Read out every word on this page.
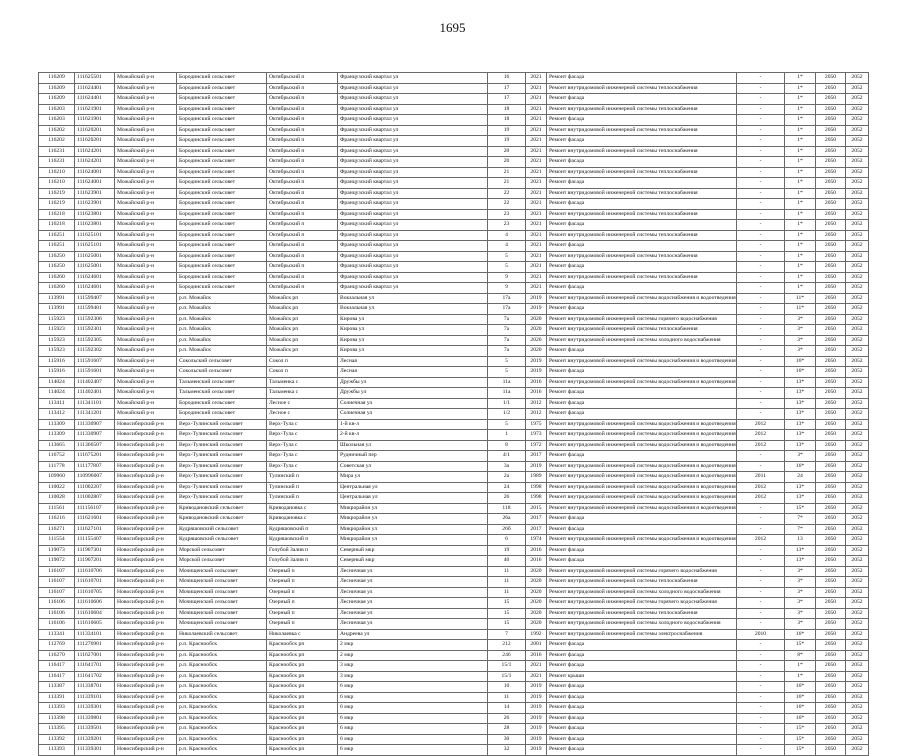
1695
116209	111625501	Можайский р-н	Бородинский сельсовет	Октябрьский п	Французский квартал ул	16	2021	Ремонт фасада	-	1*	2050	2052
116209	111624401	Можайский р-н	Бородинский сельсовет	Октябрьский п	Французский квартал ул	17	2021	Ремонт внутридомовой инженерной системы теплоснабжения	-	1*	2050	2052
116209	111624401	Можайский р-н	Бородинский сельсовет	Октябрьский п	Французский квартал ул	17	2021	Ремонт фасада	-	1*	2050	2052
116203	111621901	Можайский р-н	Бородинский сельсовет	Октябрьский п	Французский квартал ул	18	2021	Ремонт внутридомовой инженерной системы теплоснабжения	-	1*	2050	2052
116203	111621901	Можайский р-н	Бородинский сельсовет	Октябрьский п	Французский квартал ул	18	2021	Ремонт фасада	-	1*	2050	2052
116202	111620201	Можайский р-н	Бородинский сельсовет	Октябрьский п	Французский квартал ул	19	2021	Ремонт внутридомовой инженерной системы теплоснабжения	-	1*	2050	2052
116202	111620201	Можайский р-н	Бородинский сельсовет	Октябрьский п	Французский квартал ул	19	2021	Ремонт фасада	-	1*	2050	2052
116231	111624201	Можайский р-н	Бородинский сельсовет	Октябрьский п	Французский квартал ул	20	2021	Ремонт внутридомовой инженерной системы теплоснабжения	-	1*	2050	2052
116231	111624201	Можайский р-н	Бородинский сельсовет	Октябрьский п	Французский квартал ул	20	2021	Ремонт фасада	-	1*	2050	2052
116210	111624001	Можайский р-н	Бородинский сельсовет	Октябрьский п	Французский квартал ул	21	2021	Ремонт внутридомовой инженерной системы теплоснабжения	-	1*	2050	2052
116210	111624001	Можайский р-н	Бородинский сельсовет	Октябрьский п	Французский квартал ул	21	2021	Ремонт фасада	-	1*	2050	2052
116219	111623901	Можайский р-н	Бородинский сельсовет	Октябрьский п	Французский квартал ул	22	2021	Ремонт внутридомовой инженерной системы теплоснабжения	-	1*	2050	2052
116219	111623901	Можайский р-н	Бородинский сельсовет	Октябрьский п	Французский квартал ул	22	2021	Ремонт фасада	-	1*	2050	2052
116218	111623801	Можайский р-н	Бородинский сельсовет	Октябрьский п	Французский квартал ул	23	2021	Ремонт внутридомовой инженерной системы теплоснабжения	-	1*	2050	2052
116218	111623801	Можайский р-н	Бородинский сельсовет	Октябрьский п	Французский квартал ул	23	2021	Ремонт фасада	-	1*	2050	2052
116251	111625101	Можайский р-н	Бородинский сельсовет	Октябрьский п	Французский квартал ул	4	2021	Ремонт внутридомовой инженерной системы теплоснабжения	-	1*	2050	2052
116251	111625101	Можайский р-н	Бородинский сельсовет	Октябрьский п	Французский квартал ул	4	2021	Ремонт фасада	-	1*	2050	2052
116250	111625001	Можайский р-н	Бородинский сельсовет	Октябрьский п	Французский квартал ул	5	2021	Ремонт внутридомовой инженерной системы теплоснабжения	-	1*	2050	2052
116250	111625001	Можайский р-н	Бородинский сельсовет	Октябрьский п	Французский квартал ул	5	2021	Ремонт фасада	-	1*	2050	2052
116260	111624601	Можайский р-н	Бородинский сельсовет	Октябрьский п	Французский квартал ул	9	2021	Ремонт внутридомовой инженерной системы теплоснабжения	-	1*	2050	2052
116260	111624601	Можайский р-н	Бородинский сельсовет	Октябрьский п	Французский квартал ул	9	2021	Ремонт фасада	-	1*	2050	2052
113991	111599407	Можайский р-н	р.п. Можайск	Можайск рп	Вокзальная ул	17а	2019	Ремонт внутридомовой инженерной системы водоснабжения и водоотведения	-	11*	2050	2052
113991	111599401	Можайский р-н	р.п. Можайск	Можайск рп	Вокзальная ул	17а	2019	Ремонт фасада	-	11*	2050	2052
115923	111592306	Можайский р-н	р.п. Можайск	Можайск рп	Кирова ул	7а	2020	Ремонт внутридомовой инженерной системы горячего водоснабжения	-	3*	2050	2052
115923	111592301	Можайский р-н	р.п. Можайск	Можайск рп	Кирова ул	7а	2020	Ремонт внутридомовой инженерной системы теплоснабжения	-	3*	2050	2052
115923	111592305	Можайский р-н	р.п. Можайск	Можайск рп	Кирова ул	7а	2020	Ремонт внутридомовой инженерной системы холодного водоснабжения	-	3*	2050	2052
115923	111592302	Можайский р-н	р.п. Можайск	Можайск рп	Кирова ул	7а	2020	Ремонт фасада	-	3*	2050	2052
115916	111591607	Можайский р-н	Сокольский сельсовет	Сокол п	Лесная	5	2019	Ремонт внутридомовой инженерной системы водоснабжения и водоотведения	-	16*	2050	2052
115916	111591601	Можайский р-н	Сокольский сельсовет	Сокол п	Лесная	5	2019	Ремонт фасада	-	16*	2050	2052
114024	111402407	Можайский р-н	Тальменский сельсовет	Тальменка с	Дружбы ул	11а	2016	Ремонт внутридомовой инженерной системы водоснабжения и водоотведения	-	13*	2050	2052
114024	111402401	Можайский р-н	Тальменский сельсовет	Тальменка с	Дружбы ул	11а	2016	Ремонт фасада	-	13*	2050	2052
113411	111341101	Можайский р-н	Бородинский сельсовет	Лесное с	Солнечная ул	1/1	2012	Ремонт фасада	-	13*	2050	2052
113412	111341201	Можайский р-н	Бородинский сельсовет	Лесное с	Солнечная ул	1/2	2012	Ремонт фасада	-	13*	2050	2052
113309	111330907	Новосибирский р-н	Верх-Тулинский сельсовет	Верх-Тула с	1-й кв-л	5	1975	Ремонт внутридомовой инженерной системы водоснабжения и водоотведения	2012	13*	2050	2052
113309	111330907	Новосибирский р-н	Верх-Тулинский сельсовет	Верх-Тула с	2-й кв-л	1	1973	Ремонт внутридомовой инженерной системы водоснабжения и водоотведения	2012	13*	2050	2052
113665	111366507	Новосибирский р-н	Верх-Тулинский сельсовет	Верх-Тула с	Школьная ул	8	1972	Ремонт внутридомовой инженерной системы водоснабжения и водоотведения	2012	13*	2050	2052
116752	111675201	Новосибирский р-н	Верх-Тулинский сельсовет	Верх-Тула с	Рудничный пер	4/1	2017	Ремонт фасада	-	3*	2050	2052
111778	111177807	Новосибирский р-н	Верх-Тулинский сельсовет	Верх-Тула с	Советская ул	3а	2019	Ремонт внутридомовой инженерной системы водоснабжения и водоотведения	-	16*	2050	2052
109960	110996007	Новосибирский р-н	Верх-Тулинский сельсовет	Тулинский п	Мира ул	2а	1989	Ремонт внутридомовой инженерной системы водоснабжения и водоотведения	2011	24	2050	2052
110022	111002207	Новосибирский р-н	Верх-Тулинский сельсовет	Тулинский п	Центральная ул	24	1998	Ремонт внутридомовой инженерной системы водоснабжения и водоотведения	2012	13*	2050	2052
110028	111002807	Новосибирский р-н	Верх-Тулинский сельсовет	Тулинский п	Центральная ул	26	1998	Ремонт внутридомовой инженерной системы водоснабжения и водоотведения	2012	13*	2050	2052
111561	111156107	Новосибирский р-н	Криводановский сельсовет	Криводановка с	Микрорайон ул	118	2015	Ремонт внутридомовой инженерной системы водоснабжения и водоотведения	-	15*	2050	2052
116216	111621601	Новосибирский р-н	Криводановский сельсовет	Криводановка с	Микрорайон ул	26а	2017	Ремонт фасада	-	7*	2050	2052
116271	111627101	Новосибирский р-н	Кудряшовский сельсовет	Кудряшовский п	Микрорайон ул	26б	2017	Ремонт фасада	-	7*	2050	2052
111554	111155407	Новосибирский р-н	Кудряшовский сельсовет	Кудряшовский п	Микрорайон ул	6	1974	Ремонт внутридомовой инженерной системы водоснабжения и водоотведения	2012	13	2050	2052
119073	111907301	Новосибирский р-н	Морской сельсовет	Голубой Залив п	Северный мкр	19	2016	Ремонт фасада	-	13*	2050	2052
119072	111907201	Новосибирский р-н	Морской сельсовет	Голубой Залив п	Северный мкр	40	2016	Ремонт фасада	-	13*	2050	2052
116107	111610706	Новосибирский р-н	Мочищенский сельсовет	Озерный п	Лесничная ул	11	2020	Ремонт внутридомовой инженерной системы горячего водоснабжения	-	3*	2050	2052
116107	111610701	Новосибирский р-н	Мочищенский сельсовет	Озерный п	Лесничная ул	11	2020	Ремонт внутридомовой инженерной системы теплоснабжения	-	3*	2050	2052
116107	111610705	Новосибирский р-н	Мочищенский сельсовет	Озерный п	Лесничная ул	11	2020	Ремонт внутридомовой инженерной системы холодного водоснабжения	-	3*	2050	2052
116106	111610606	Новосибирский р-н	Мочищенский сельсовет	Озерный п	Лесничная ул	15	2020	Ремонт внутридомовой инженерной системы горячего водоснабжения	-	3*	2050	2052
116106	111610604	Новосибирский р-н	Мочищенский сельсовет	Озерный п	Лесничная ул	15	2020	Ремонт внутридомовой инженерной системы теплоснабжения	-	3*	2050	2052
116106	111610605	Новосибирский р-н	Мочищенский сельсовет	Озерный п	Лесничная ул	15	2020	Ремонт внутридомовой инженерной системы холодного водоснабжения	-	3*	2050	2052
113341	111334101	Новосибирский р-н	Николаевский сельсовет	Николаевка с	Андреева ул	7	1992	Ремонт внутридомовой инженерной системы электроснабжения	2010	16*	2050	2052
112769	111276901	Новосибирский р-н	р.п. Краснообск	Краснообск рп	2 мкр	212	2001	Ремонт фасада	-	15*	2050	2052
116270	111627001	Новосибирский р-н	р.п. Краснообск	Краснообск рп	2 мкр	246	2016	Ремонт фасада	-	8*	2050	2052
116417	111641701	Новосибирский р-н	р.п. Краснообск	Краснообск рп	3 мкр	15/1	2021	Ремонт фасада	-	1*	2050	2052
116417	111641702	Новосибирский р-н	р.п. Краснообск	Краснообск рп	3 мкр	15/1	2021	Ремонт крыши	-	1*	2050	2052
113387	111338701	Новосибирский р-н	р.п. Краснообск	Краснообск рп	6 мкр	10	2019	Ремонт фасада	-	16*	2050	2052
113391	111339101	Новосибирский р-н	р.п. Краснообск	Краснообск рп	6 мкр	11	2019	Ремонт фасада	-	16*	2050	2052
113393	111339301	Новосибирский р-н	р.п. Краснообск	Краснообск рп	6 мкр	14	2019	Ремонт фасада	-	16*	2050	2052
113398	111339801	Новосибирский р-н	р.п. Краснообск	Краснообск рп	6 мкр	26	2019	Ремонт фасада	-	16*	2050	2052
113395	111339501	Новосибирский р-н	р.п. Краснообск	Краснообск рп	6 мкр	28	2019	Ремонт фасада	-	15*	2050	2052
113392	111339201	Новосибирский р-н	р.п. Краснообск	Краснообск рп	6 мкр	30	2019	Ремонт фасада	-	15*	2050	2052
113393	111339301	Новосибирский р-н	р.п. Краснообск	Краснообск рп	6 мкр	32	2019	Ремонт фасада	-	15*	2050	2052
